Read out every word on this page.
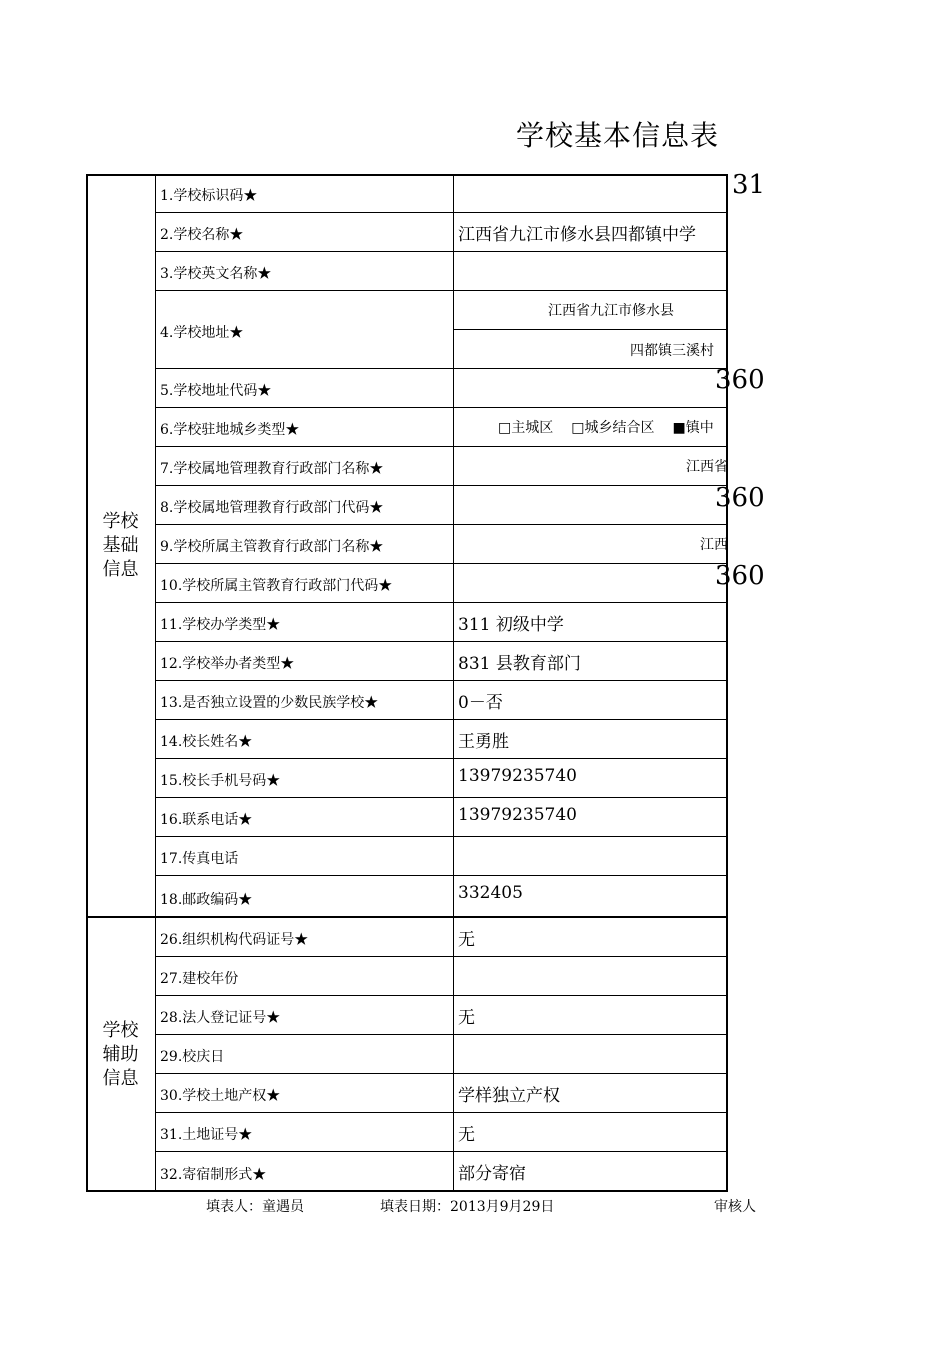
学校基本信息表
学校基础信息
学校辅助信息
1.学校标识码★
2.学校名称★	江西省九江市修水县四都镇中学
3.学校英文名称★
4.学校地址★
江西省九江市修水县
四都镇三溪村
5.学校地址代码★
6.学校驻地城乡类型★	□主城区 □城乡结合区 ■镇中
7.学校属地管理教育行政部门名称★	江西省
8.学校属地管理教育行政部门代码★
9.学校所属主管教育行政部门名称★	江西
10.学校所属主管教育行政部门代码★
11.学校办学类型★	311 初级中学
12.学校举办者类型★	831 县教育部门
13.是否独立设置的少数民族学校★	0－否
14.校长姓名★	王勇胜
15.校长手机号码★	13979235740
16.联系电话★	13979235740
17.传真电话
18.邮政编码★	332405
26.组织机构代码证号★	无
27.建校年份
28.法人登记证号★	无
29.校庆日
30.学校土地产权★	学样独立产权
31.土地证号★	无
32.寄宿制形式★	部分寄宿
31
360
360
360
填表人：童遇员	填表日期：2013月9月29日	审核人
